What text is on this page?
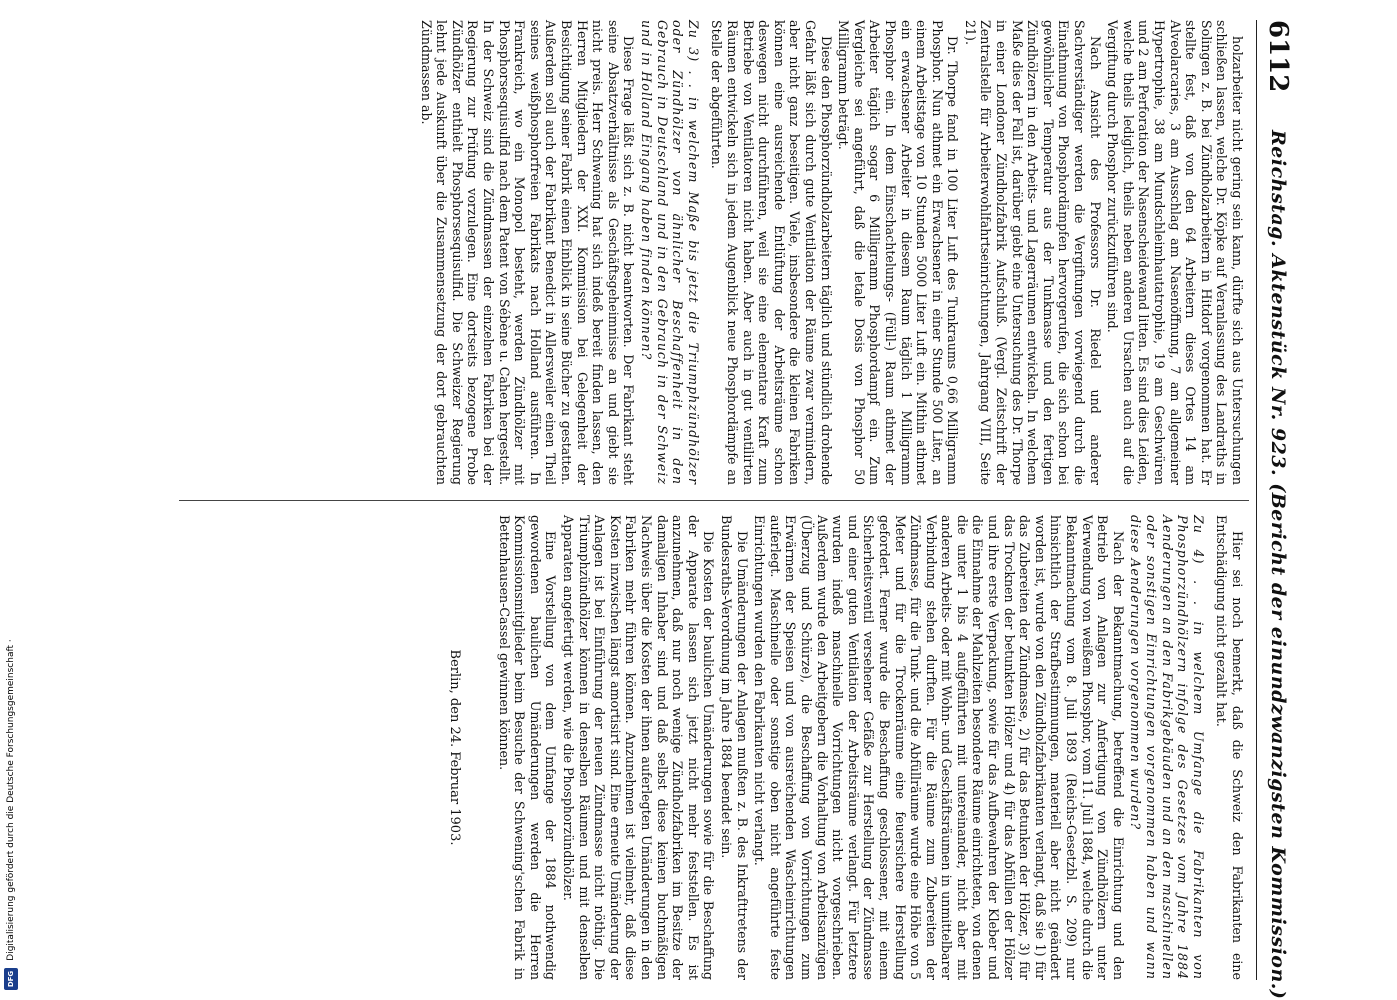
Digitalisierung gefördert durch die Deutsche Forschungsgemeinschaft ·
DFG
6112
Reichstag. Aktenstück Nr. 923. (Bericht der einundzwanzigsten Kommission.)

holzarbeiter nicht gering sein kann, dürfte sich aus Untersuchungen schließen lassen, welche Dr. Köpke auf Veranlassung des Landraths in Solingen z. B. bei Zündholzarbeitern in Hitdorf vorgenommen hat. Er stellte fest, daß von den 64 Arbeitern dieses Ortes 14 am Alveolarcaries, 3 am Ausschlag am Nasenöffnung, 7 am allgemeiner Hypertrophie, 38 am Mundschleimhautatrophie, 19 am Geschwüren und 2 am Perforation der Nasenscheidewand litten. Es sind dies Leiden, welche theils lediglich, theils neben anderen Ursachen auch auf die Vergiftung durch Phosphor zurückzuführen sind.

Nach Ansicht des Professors Dr. Riedel und anderer Sachverständiger werden die Vergiftungen vorwiegend durch die Einathmung von Phosphordämpfen hervorgerufen, die sich schon bei gewöhnlicher Temperatur aus der Tunkmasse und den fertigen Zündhölzern in den Arbeits- und Lagerräumen entwickeln. In welchem Maße dies der Fall ist, darüber giebt eine Untersuchung des Dr. Thorpe in einer Londoner Zündholzfabrik Aufschluß. (Vergl. Zeitschrift der Zentralstelle für Arbeiterwohlfahrtseinrichtungen, Jahrgang VIII, Seite 21).

Dr. Thorpe fand in 100 Liter Luft des Tunkraums 0,66 Milligramm Phosphor. Nun athmet ein Erwachsener in einer Stunde 500 Liter, an einem Arbeitstage von 10 Stunden 5000 Liter Luft ein. Mithin athmet ein erwachsener Arbeiter in diesem Raum täglich 1 Milligramm Phosphor ein. In dem Einschachtelungs- (Füll-) Raum athmet der Arbeiter täglich sogar 6 Milligramm Phosphordampf ein. Zum Vergleiche sei angeführt, daß die letale Dosis von Phosphor 50 Milligramm beträgt.

Diese den Phosphorzündholzarbeitern täglich und stündlich drohende Gefahr läßt sich durch gute Ventilation der Räume zwar vermindern, aber nicht ganz beseitigen. Viele, insbesondere die kleinen Fabriken können eine ausreichende Entlüftung der Arbeitsräume schon deswegen nicht durchführen, weil sie eine elementare Kraft zum Betriebe von Ventilatoren nicht haben. Aber auch in gut ventilirten Räumen entwickeln sich in jedem Augenblick neue Phosphordämpfe an Stelle der abgeführten.

Zu 3) . . in welchem Maße bis jetzt die Triumphzündhölzer oder Zündhölzer von ähnlicher Beschaffenheit in den Gebrauch in Deutschland und in den Gebrauch in der Schweiz und in Holland Eingang haben finden können?

Diese Frage läßt sich z. B. nicht beantworten. Der Fabrikant steht seine Absatzverhältnisse als Geschäftsgeheimnisse an und giebt sie nicht preis. Herr Schwening hat sich indeß bereit finden lassen, den Herren Mitgliedern der XXI. Kommission bei Gelegenheit der Besichtigung seiner Fabrik einen Einblick in seine Bücher zu gestatten. Außerdem soll auch der Fabrikant Benedict in Allersweiler einen Theil seines weißphosphorfreien Fabrikats nach Holland ausführen. In Frankreich, wo ein Monopol besteht, werden Zündhölzer mit Phosphorsesquisulfid nach dem Patent von Sébène u. Cahen hergestellt. In der Schweiz sind die Zündmassen der einzelnen Fabriken bei der Regierung zur Prüfung vorzulegen. Eine dortseits bezogene Probe Zündhölzer enthielt Phosphorsesquisulfid. Die Schweizer Regierung lehnt jede Auskunft über die Zusammensetzung der dort gebrauchten Zündmassen ab.

Hier sei noch bemerkt, daß die Schweiz den Fabrikanten eine Entschädigung nicht gezahlt hat.

Zu 4) . . in welchem Umfange die Fabrikanten von Phosphorzündhölzern infolge des Gesetzes vom Jahre 1884 Aenderungen an den Fabrikgebäuden und an den maschinellen oder sonstigen Einrichtungen vorgenommen haben und wann diese Aenderungen vorgenommen wurden?

Nach der Bekanntmachung, betreffend die Einrichtung und den Betrieb von Anlagen zur Anfertigung von Zündhölzern unter Verwendung von weißem Phosphor, vom 11. Juli 1884, welche durch die Bekanntmachung vom 8. Juli 1893 (Reichs-Gesetzbl. S. 209) nur hinsichtlich der Strafbestimmungen, materiell aber nicht geändert worden ist, wurde von den Zündholzfabrikanten verlangt, daß sie 1) für das Zubereiten der Zündmasse, 2) für das Betunken der Hölzer, 3) für das Trocknen der betunkten Hölzer und 4) für das Abfüllen der Hölzer und ihre erste Verpackung, sowie für das Aufbewahren der Kleber und die Einnahme der Mahlzeiten besondere Räume einrichteten, von denen die unter 1 bis 4 aufgeführten mit untereinander, nicht aber mit anderen Arbeits- oder mit Wohn- und Geschäftsräumen in unmittelbarer Verbindung stehen durften. Für die Räume zum Zubereiten der Zündmasse, für die Tunk- und die Abfüllräume wurde eine Höhe von 5 Meter und für die Trockenräume eine feuersichere Herstellung gefordert. Ferner wurde die Beschaffung geschlossener, mit einem Sicherheitsventil versehener Gefäße zur Herstellung der Zündmasse und einer guten Ventilation der Arbeitsräume verlangt. Für letztere wurden indeß maschinelle Vorrichtungen nicht vorgeschrieben. Außerdem wurde den Arbeitgebern die Vorhaltung von Arbeitsanzügen (Überzug und Schürze), die Beschaffung von Vorrichtungen zum Erwärmen der Speisen und von ausreichenden Wascheinrichtungen auferlegt. Maschinelle oder sonstige oben nicht angeführte feste Einrichtungen wurden den Fabrikanten nicht verlangt.

Die Umänderungen der Anlagen mußten z. B. des Inkrafttretens der Bundesraths-Verordnung im Jahre 1884 beendet sein.

Die Kosten der baulichen Umänderungen sowie für die Beschaffung der Apparate lassen sich jetzt nicht mehr feststellen. Es ist anzunehmen, daß nur noch wenige Zündholzfabriken im Besitze der damaligen Inhaber sind und daß selbst diese keinen buchmäßigen Nachweis über die Kosten der ihnen auferlegten Umänderungen in den Fabriken mehr führen können. Anzunehmen ist vielmehr, daß diese Kosten inzwischen längst amortisirt sind. Eine erneute Umänderung der Anlagen ist bei Einführung der neuen Zündmasse nicht nöthig. Die Triumphzündhölzer können in denselben Räumen und mit denselben Apparaten angefertigt werden, wie die Phosphorzündhölzer.

Eine Vorstellung von dem Umfange der 1884 nothwendig gewordenen baulichen Umänderungen werden die Herren Kommissionsmitglieder beim Besuche der Schwening'schen Fabrik in Bettenhausen-Cassel gewinnen können.

Berlin, den 24. Februar 1903.
